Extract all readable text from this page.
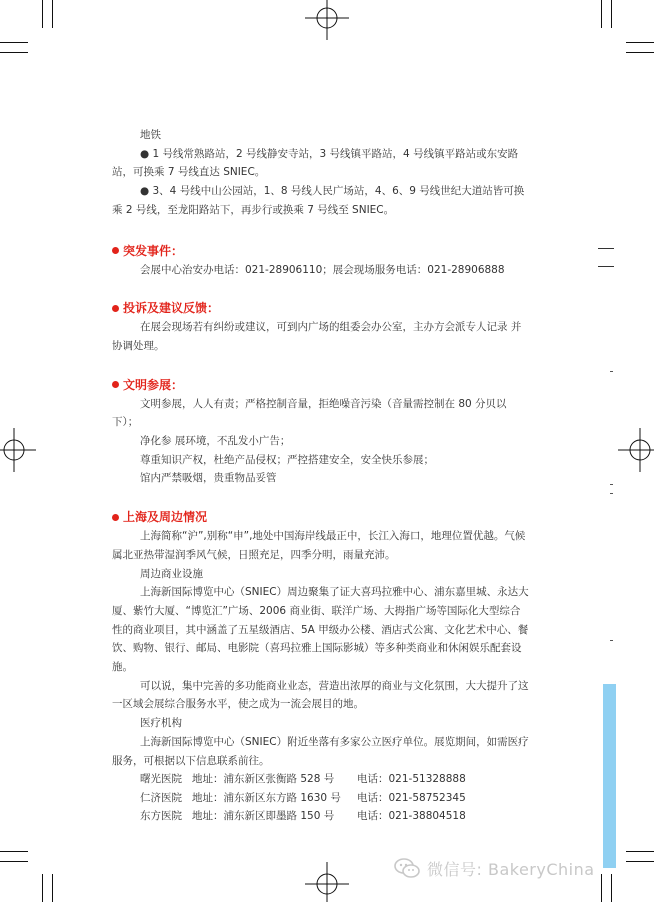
地铁

● 1 号线常熟路站，2 号线静安寺站，3 号线镇平路站，4 号线镇平路站或东安路站，可换乘 7 号线直达 SNIEC。

● 3、4 号线中山公园站，1、8 号线人民广场站，4、6、9 号线世纪大道站皆可换乘 2 号线，至龙阳路站下，再步行或换乘 7 号线至 SNIEC。

突发事件：

会展中心治安办电话：021-28906110；展会现场服务电话：021-28906888

投诉及建议反馈：

在展会现场若有纠纷或建议，可到内广场的组委会办公室，主办方会派专人记录 并协调处理。

文明参展：

文明参展，人人有责；严格控制音量，拒绝噪音污染（音量需控制在 80 分贝以下）；

净化参 展环境，不乱发小广告；

尊重知识产权，杜绝产品侵权；严控搭建安全，安全快乐参展；

馆内严禁吸烟，贵重物品妥管

上海及周边情况

上海简称“沪”,别称“申”,地处中国海岸线最正中，长江入海口，地理位置优越。气候属北亚热带湿润季风气候，日照充足，四季分明，雨量充沛。

周边商业设施

上海新国际博览中心（SNIEC）周边聚集了证大喜玛拉雅中心、浦东嘉里城、永达大厦、紫竹大厦、“博览汇”广场、2006 商业街、联洋广场、大拇指广场等国际化大型综合性的商业项目，其中涵盖了五星级酒店、5A 甲级办公楼、酒店式公寓、文化艺术中心、餐饮、购物、银行、邮局、电影院（喜玛拉雅上国际影城）等多种类商业和休闲娱乐配套设施。

可以说，集中完善的多功能商业业态，营造出浓厚的商业与文化氛围，大大提升了这一区域会展综合服务水平，使之成为一流会展目的地。

医疗机构

上海新国际博览中心（SNIEC）附近坐落有多家公立医疗单位。展览期间，如需医疗服务，可根据以下信息联系前往。

曙光医院 地址：浦东新区张衡路 528 号	电话：021-51328888
仁济医院 地址：浦东新区东方路 1630 号	电话：021-58752345
东方医院 地址：浦东新区即墨路 150 号	电话：021-38804518
微信号: BakeryChina
